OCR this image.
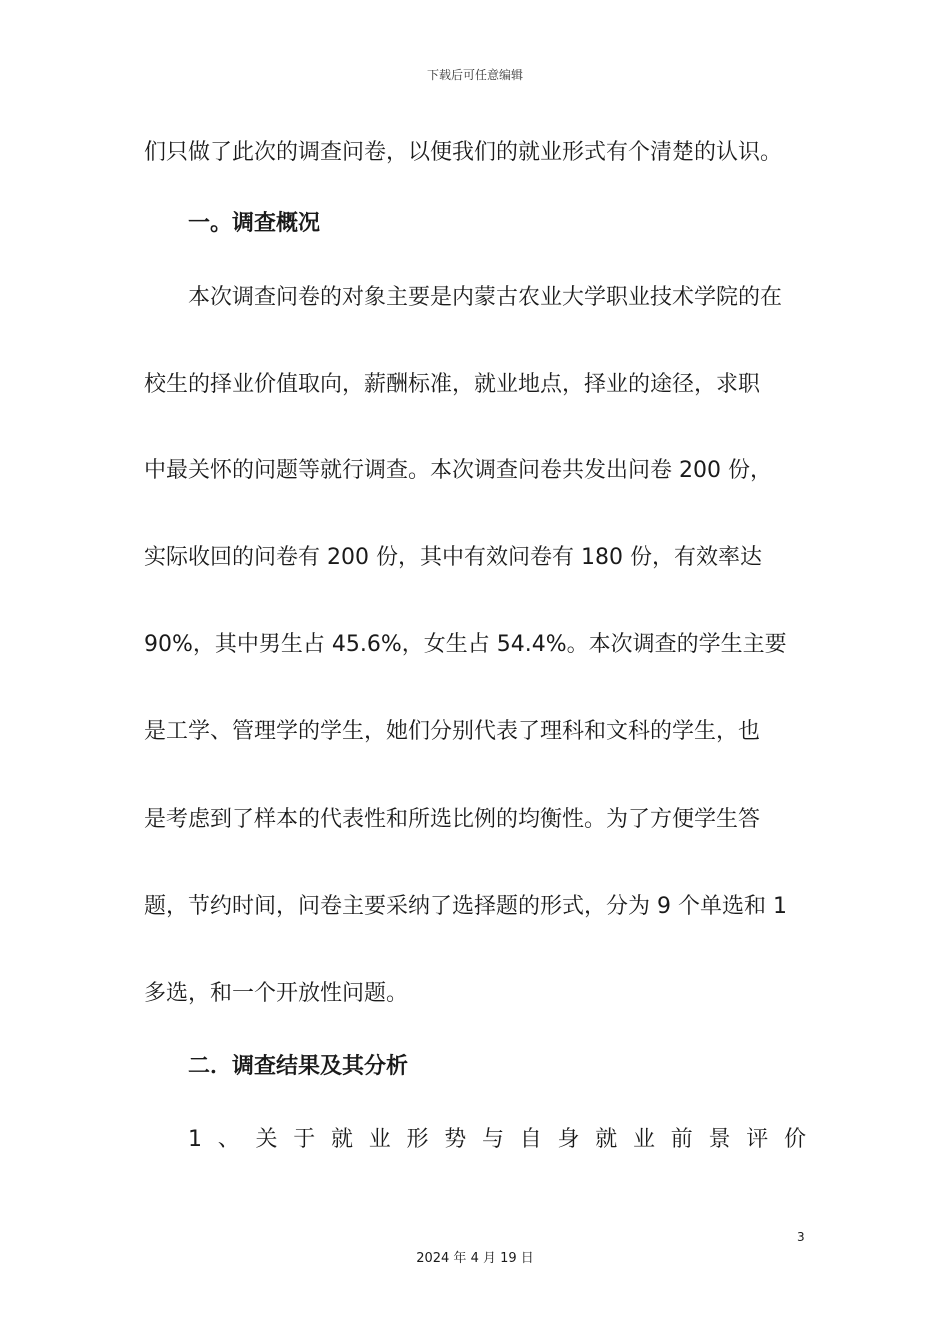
下载后可任意编辑
们只做了此次的调查问卷，以便我们的就业形式有个清楚的认识。
一。调查概况
本次调查问卷的对象主要是内蒙古农业大学职业技术学院的在
校生的择业价值取向，薪酬标准，就业地点，择业的途径，求职
中最关怀的问题等就行调查。本次调查问卷共发出问卷 200 份，
实际收回的问卷有 200 份，其中有效问卷有 180 份，有效率达
90%，其中男生占 45.6%，女生占 54.4%。本次调查的学生主要
是工学、管理学的学生，她们分别代表了理科和文科的学生，也
是考虑到了样本的代表性和所选比例的均衡性。为了方便学生答
题，节约时间，问卷主要采纳了选择题的形式，分为 9 个单选和 1
多选，和一个开放性问题。
二．调查结果及其分析
1 、 关 于 就 业 形 势 与 自 身 就 业 前 景 评 价
3
2024 年 4 月 19 日
